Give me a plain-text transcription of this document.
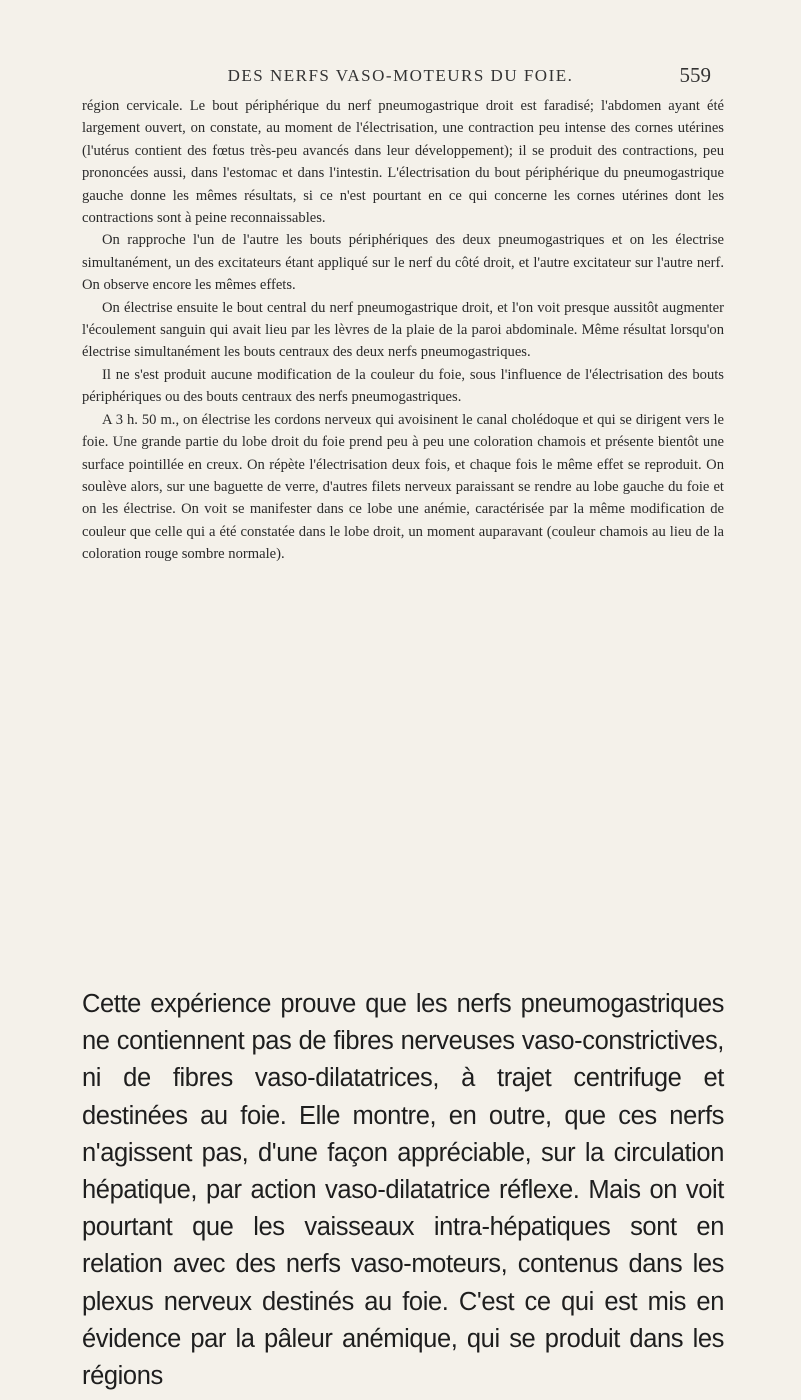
DES NERFS VASO-MOTEURS DU FOIE.	559

région cervicale. Le bout périphérique du nerf pneumogastrique droit est faradisé; l'abdomen ayant été largement ouvert, on constate, au moment de l'électrisation, une contraction peu intense des cornes utérines (l'utérus contient des fœtus très-peu avancés dans leur développement); il se produit des contractions, peu prononcées aussi, dans l'estomac et dans l'intestin. L'électrisation du bout périphérique du pneumogastrique gauche donne les mêmes résultats, si ce n'est pourtant en ce qui concerne les cornes utérines dont les contractions sont à peine reconnaissables.

On rapproche l'un de l'autre les bouts périphériques des deux pneumogastriques et on les électrise simultanément, un des excitateurs étant appliqué sur le nerf du côté droit, et l'autre excitateur sur l'autre nerf. On observe encore les mêmes effets.

On électrise ensuite le bout central du nerf pneumogastrique droit, et l'on voit presque aussitôt augmenter l'écoulement sanguin qui avait lieu par les lèvres de la plaie de la paroi abdominale. Même résultat lorsqu'on électrise simultanément les bouts centraux des deux nerfs pneumogastriques.

Il ne s'est produit aucune modification de la couleur du foie, sous l'influence de l'électrisation des bouts périphériques ou des bouts centraux des nerfs pneumogastriques.

A 3 h. 50 m., on électrise les cordons nerveux qui avoisinent le canal cholédoque et qui se dirigent vers le foie. Une grande partie du lobe droit du foie prend peu à peu une coloration chamois et présente bientôt une surface pointillée en creux. On répète l'électrisation deux fois, et chaque fois le même effet se reproduit. On soulève alors, sur une baguette de verre, d'autres filets nerveux paraissant se rendre au lobe gauche du foie et on les électrise. On voit se manifester dans ce lobe une anémie, caractérisée par la même modification de couleur que celle qui a été constatée dans le lobe droit, un moment auparavant (couleur chamois au lieu de la coloration rouge sombre normale).

Cette expérience prouve que les nerfs pneumogastriques ne contiennent pas de fibres nerveuses vaso-constrictives, ni de fibres vaso-dilatatrices, à trajet centrifuge et destinées au foie. Elle montre, en outre, que ces nerfs n'agissent pas, d'une façon appréciable, sur la circulation hépatique, par action vaso-dilatatrice réflexe. Mais on voit pourtant que les vaisseaux intra-hépatiques sont en relation avec des nerfs vaso-moteurs, contenus dans les plexus nerveux destinés au foie. C'est ce qui est mis en évidence par la pâleur anémique, qui se produit dans les régions
